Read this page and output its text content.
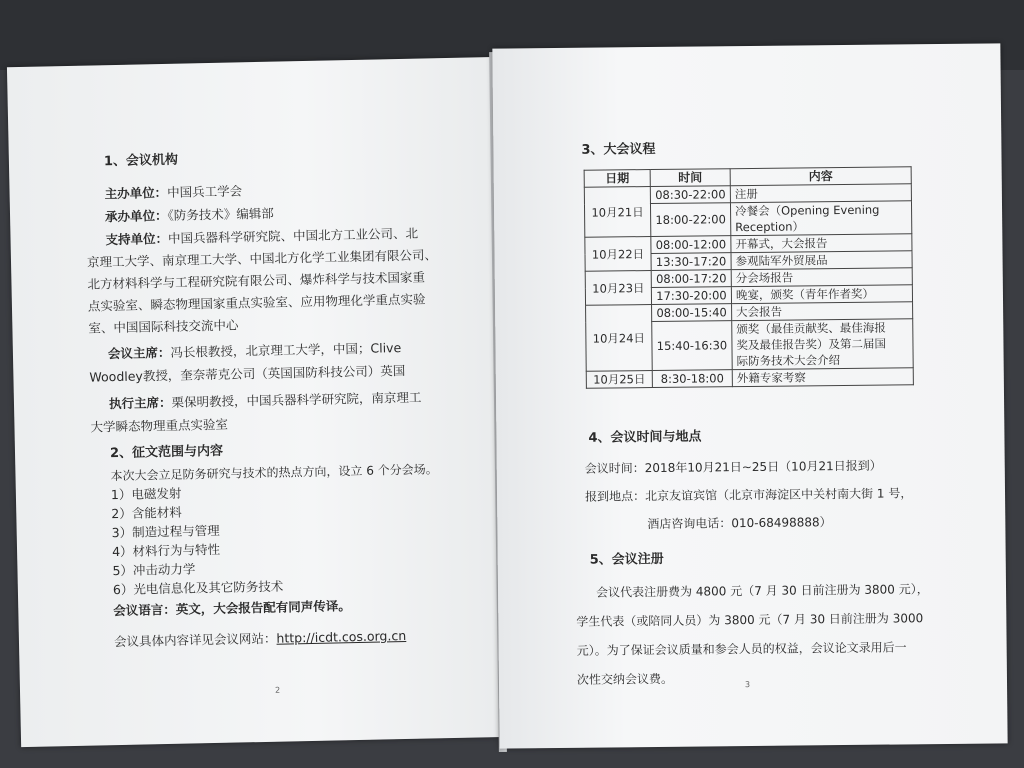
1、会议机构
主办单位：中国兵工学会
承办单位：《防务技术》编辑部
支持单位：中国兵器科学研究院、中国北方工业公司、北
京理工大学、南京理工大学、中国北方化学工业集团有限公司、
北方材料科学与工程研究院有限公司、爆炸科学与技术国家重
点实验室、瞬态物理国家重点实验室、应用物理化学重点实验
室、中国国际科技交流中心
会议主席：冯长根教授，北京理工大学，中国；Clive
Woodley教授，奎奈蒂克公司（英国国防科技公司）英国
执行主席：栗保明教授，中国兵器科学研究院，南京理工
大学瞬态物理重点实验室
2、征文范围与内容
本次大会立足防务研究与技术的热点方向，设立 6 个分会场。
1）电磁发射
2）含能材料
3）制造过程与管理
4）材料行为与特性
5）冲击动力学
6）光电信息化及其它防务技术
会议语言：英文，大会报告配有同声传译。
会议具体内容详见会议网站：http://icdt.cos.org.cn
2
3、大会议程
日期	时间	内容
10月21日	08:30-22:00	注册
	18:00-22:00	冷餐会（Opening Evening
Reception）

10月22日	08:00-12:00	开幕式，大会报告
	13:30-17:20	参观陆军外贸展品
10月23日	08:00-17:20	分会场报告
	17:30-20:00	晚宴，颁奖（青年作者奖）
10月24日	08:00-15:40	大会报告
	15:40-16:30	颁奖（最佳贡献奖、最佳海报
奖及最佳报告奖）及第二届国
际防务技术大会介绍

10月25日	8:30-18:00	外籍专家考察
4、会议时间与地点
会议时间：2018年10月21日~25日（10月21日报到）
报到地点：北京友谊宾馆（北京市海淀区中关村南大街 1 号，
酒店咨询电话：010-68498888）
5、会议注册
会议代表注册费为 4800 元（7 月 30 日前注册为 3800 元），
学生代表（或陪同人员）为 3800 元（7 月 30 日前注册为 3000
元）。为了保证会议质量和参会人员的权益，会议论文录用后一
次性交纳会议费。	3
